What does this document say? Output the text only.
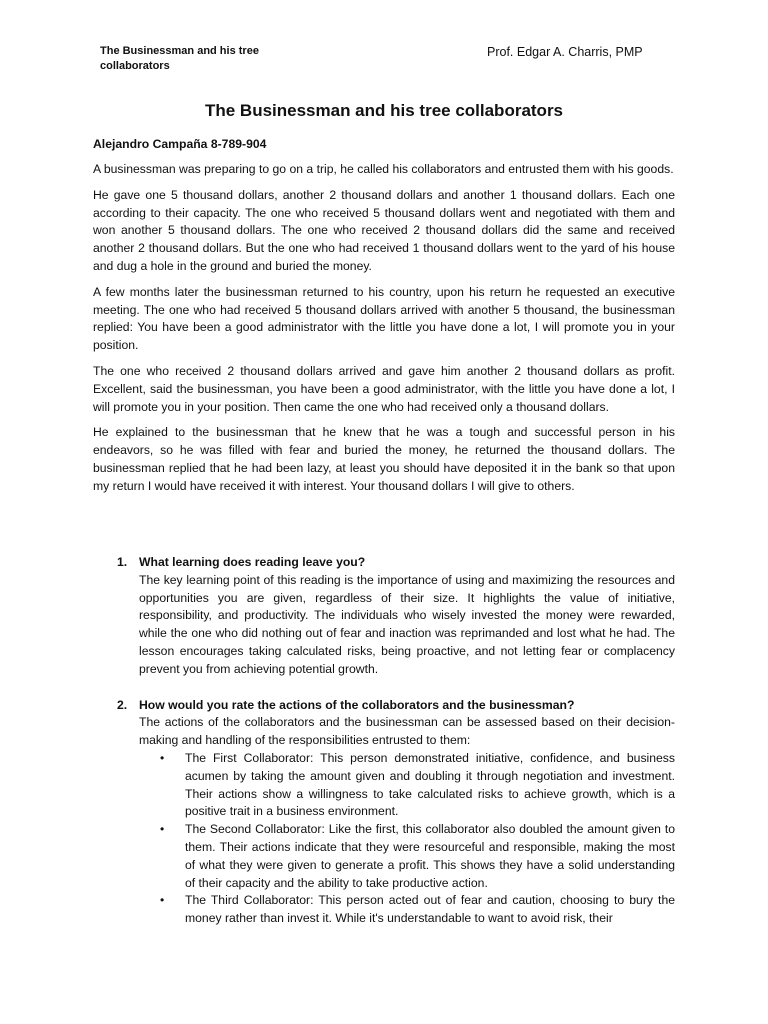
The Businessman and his tree collaborators
Prof. Edgar A. Charris, PMP
The Businessman and his tree collaborators
Alejandro Campaña 8-789-904

A businessman was preparing to go on a trip, he called his collaborators and entrusted them with his goods.

He gave one 5 thousand dollars, another 2 thousand dollars and another 1 thousand dollars. Each one according to their capacity. The one who received 5 thousand dollars went and negotiated with them and won another 5 thousand dollars. The one who received 2 thousand dollars did the same and received another 2 thousand dollars. But the one who had received 1 thousand dollars went to the yard of his house and dug a hole in the ground and buried the money.

A few months later the businessman returned to his country, upon his return he requested an executive meeting. The one who had received 5 thousand dollars arrived with another 5 thousand, the businessman replied: You have been a good administrator with the little you have done a lot, I will promote you in your position.

The one who received 2 thousand dollars arrived and gave him another 2 thousand dollars as profit. Excellent, said the businessman, you have been a good administrator, with the little you have done a lot, I will promote you in your position. Then came the one who had received only a thousand dollars.

He explained to the businessman that he knew that he was a tough and successful person in his endeavors, so he was filled with fear and buried the money, he returned the thousand dollars. The businessman replied that he had been lazy, at least you should have deposited it in the bank so that upon my return I would have received it with interest. Your thousand dollars I will give to others.

1. What learning does reading leave you?
The key learning point of this reading is the importance of using and maximizing the resources and opportunities you are given, regardless of their size. It highlights the value of initiative, responsibility, and productivity. The individuals who wisely invested the money were rewarded, while the one who did nothing out of fear and inaction was reprimanded and lost what he had. The lesson encourages taking calculated risks, being proactive, and not letting fear or complacency prevent you from achieving potential growth.
2. How would you rate the actions of the collaborators and the businessman?
The actions of the collaborators and the businessman can be assessed based on their decision-making and handling of the responsibilities entrusted to them:
• The First Collaborator: This person demonstrated initiative, confidence, and business acumen by taking the amount given and doubling it through negotiation and investment. Their actions show a willingness to take calculated risks to achieve growth, which is a positive trait in a business environment.
• The Second Collaborator: Like the first, this collaborator also doubled the amount given to them. Their actions indicate that they were resourceful and responsible, making the most of what they were given to generate a profit. This shows they have a solid understanding of their capacity and the ability to take productive action.
• The Third Collaborator: This person acted out of fear and caution, choosing to bury the money rather than invest it. While it's understandable to want to avoid risk, their
